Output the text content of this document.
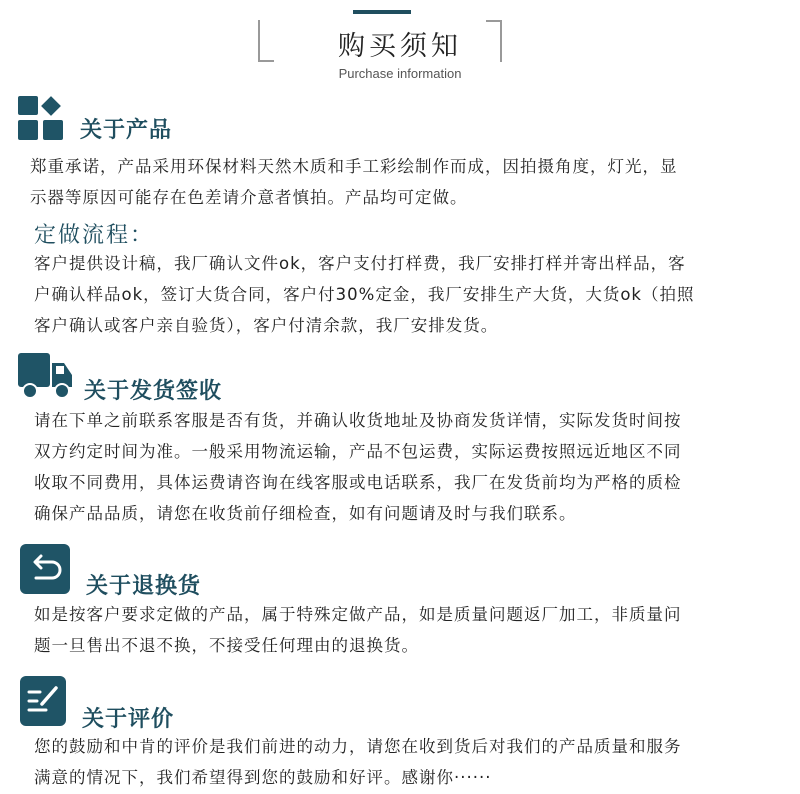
购买须知
Purchase information
关于产品
郑重承诺，产品采用环保材料天然木质和手工彩绘制作而成，因拍摄角度，灯光，显
示器等原因可能存在色差请介意者慎拍。产品均可定做。
定做流程：
客户提供设计稿，我厂确认文件ok，客户支付打样费，我厂安排打样并寄出样品，客
户确认样品ok，签订大货合同，客户付30%定金，我厂安排生产大货，大货ok（拍照
客户确认或客户亲自验货），客户付清余款，我厂安排发货。
关于发货签收
请在下单之前联系客服是否有货，并确认收货地址及协商发货详情，实际发货时间按
双方约定时间为准。一般采用物流运输，产品不包运费，实际运费按照远近地区不同
收取不同费用，具体运费请咨询在线客服或电话联系，我厂在发货前均为严格的质检
确保产品品质，请您在收货前仔细检查，如有问题请及时与我们联系。
关于退换货
如是按客户要求定做的产品，属于特殊定做产品，如是质量问题返厂加工，非质量问
题一旦售出不退不换，不接受任何理由的退换货。
关于评价
您的鼓励和中肯的评价是我们前进的动力，请您在收到货后对我们的产品质量和服务
满意的情况下，我们希望得到您的鼓励和好评。感谢你······
